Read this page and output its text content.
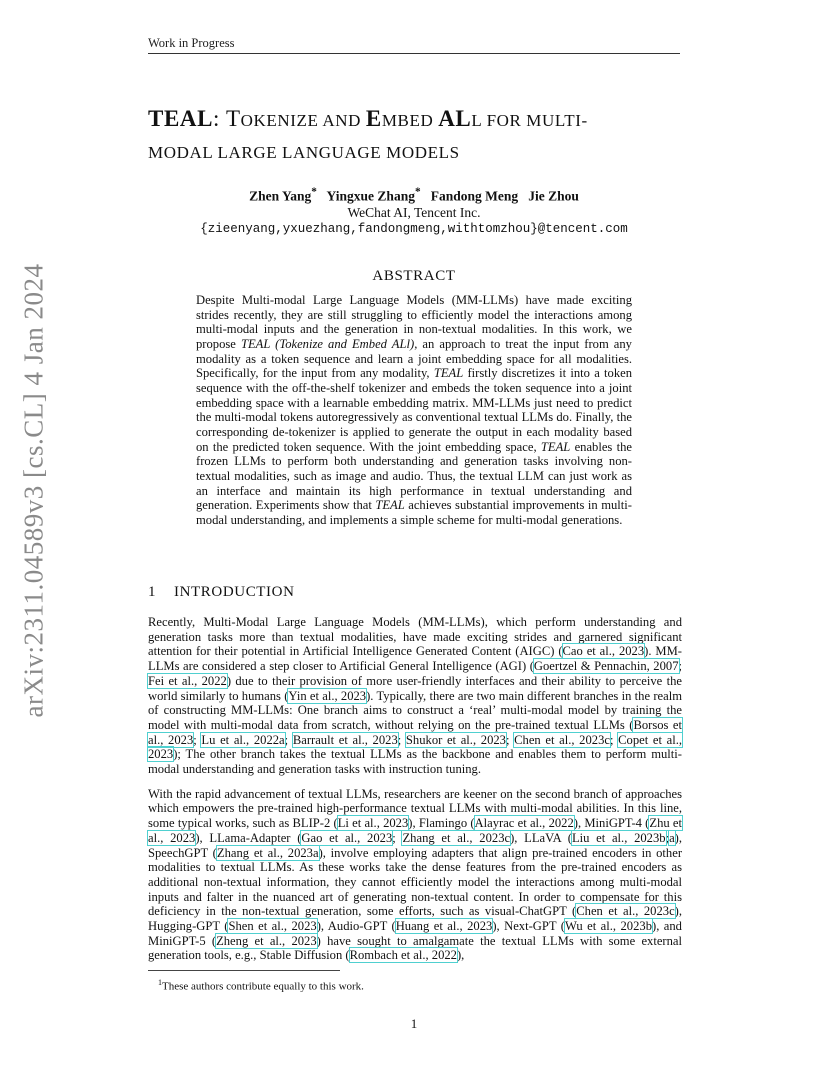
Work in Progress
arXiv:2311.04589v3 [cs.CL] 4 Jan 2024
TEAL: TOKENIZE AND EMBED ALL FOR MULTI-
MODAL LARGE LANGUAGE MODELS
Zhen Yang* Yingxue Zhang* Fandong Meng Jie Zhou
WeChat AI, Tencent Inc.
{zieenyang,yxuezhang,fandongmeng,withtomzhou}@tencent.com
ABSTRACT
Despite Multi-modal Large Language Models (MM-LLMs) have made exciting strides recently, they are still struggling to efficiently model the interactions among multi-modal inputs and the generation in non-textual modalities. In this work, we propose TEAL (Tokenize and Embed ALl), an approach to treat the input from any modality as a token sequence and learn a joint embedding space for all modalities. Specifically, for the input from any modality, TEAL firstly discretizes it into a token sequence with the off-the-shelf tokenizer and embeds the token sequence into a joint embedding space with a learnable embedding matrix. MM-LLMs just need to predict the multi-modal tokens autoregressively as conventional textual LLMs do. Finally, the corresponding de-tokenizer is applied to generate the output in each modality based on the predicted token sequence. With the joint embedding space, TEAL enables the frozen LLMs to perform both understanding and generation tasks involving non-textual modalities, such as image and audio. Thus, the textual LLM can just work as an interface and maintain its high performance in textual understanding and generation. Experiments show that TEAL achieves substantial improvements in multi-modal understanding, and implements a simple scheme for multi-modal generations.
1 INTRODUCTION

Recently, Multi-Modal Large Language Models (MM-LLMs), which perform understanding and generation tasks more than textual modalities, have made exciting strides and garnered significant attention for their potential in Artificial Intelligence Generated Content (AIGC) (Cao et al., 2023). MM-LLMs are considered a step closer to Artificial General Intelligence (AGI) (Goertzel & Pennachin, 2007; Fei et al., 2022) due to their provision of more user-friendly interfaces and their ability to perceive the world similarly to humans (Yin et al., 2023). Typically, there are two main different branches in the realm of constructing MM-LLMs: One branch aims to construct a ‘real’ multi-modal model by training the model with multi-modal data from scratch, without relying on the pre-trained textual LLMs (Borsos et al., 2023; Lu et al., 2022a; Barrault et al., 2023; Shukor et al., 2023; Chen et al., 2023c; Copet et al., 2023); The other branch takes the textual LLMs as the backbone and enables them to perform multi-modal understanding and generation tasks with instruction tuning.

With the rapid advancement of textual LLMs, researchers are keener on the second branch of approaches which empowers the pre-trained high-performance textual LLMs with multi-modal abilities. In this line, some typical works, such as BLIP-2 (Li et al., 2023), Flamingo (Alayrac et al., 2022), MiniGPT-4 (Zhu et al., 2023), LLama-Adapter (Gao et al., 2023; Zhang et al., 2023c), LLaVA (Liu et al., 2023b;a), SpeechGPT (Zhang et al., 2023a), involve employing adapters that align pre-trained encoders in other modalities to textual LLMs. As these works take the dense features from the pre-trained encoders as additional non-textual information, they cannot efficiently model the interactions among multi-modal inputs and falter in the nuanced art of generating non-textual content. In order to compensate for this deficiency in the non-textual generation, some efforts, such as visual-ChatGPT (Chen et al., 2023c), Hugging-GPT (Shen et al., 2023), Audio-GPT (Huang et al., 2023), Next-GPT (Wu et al., 2023b), and MiniGPT-5 (Zheng et al., 2023) have sought to amalgamate the textual LLMs with some external generation tools, e.g., Stable Diffusion (Rombach et al., 2022),

$^1$These authors contribute equally to this work.
1
